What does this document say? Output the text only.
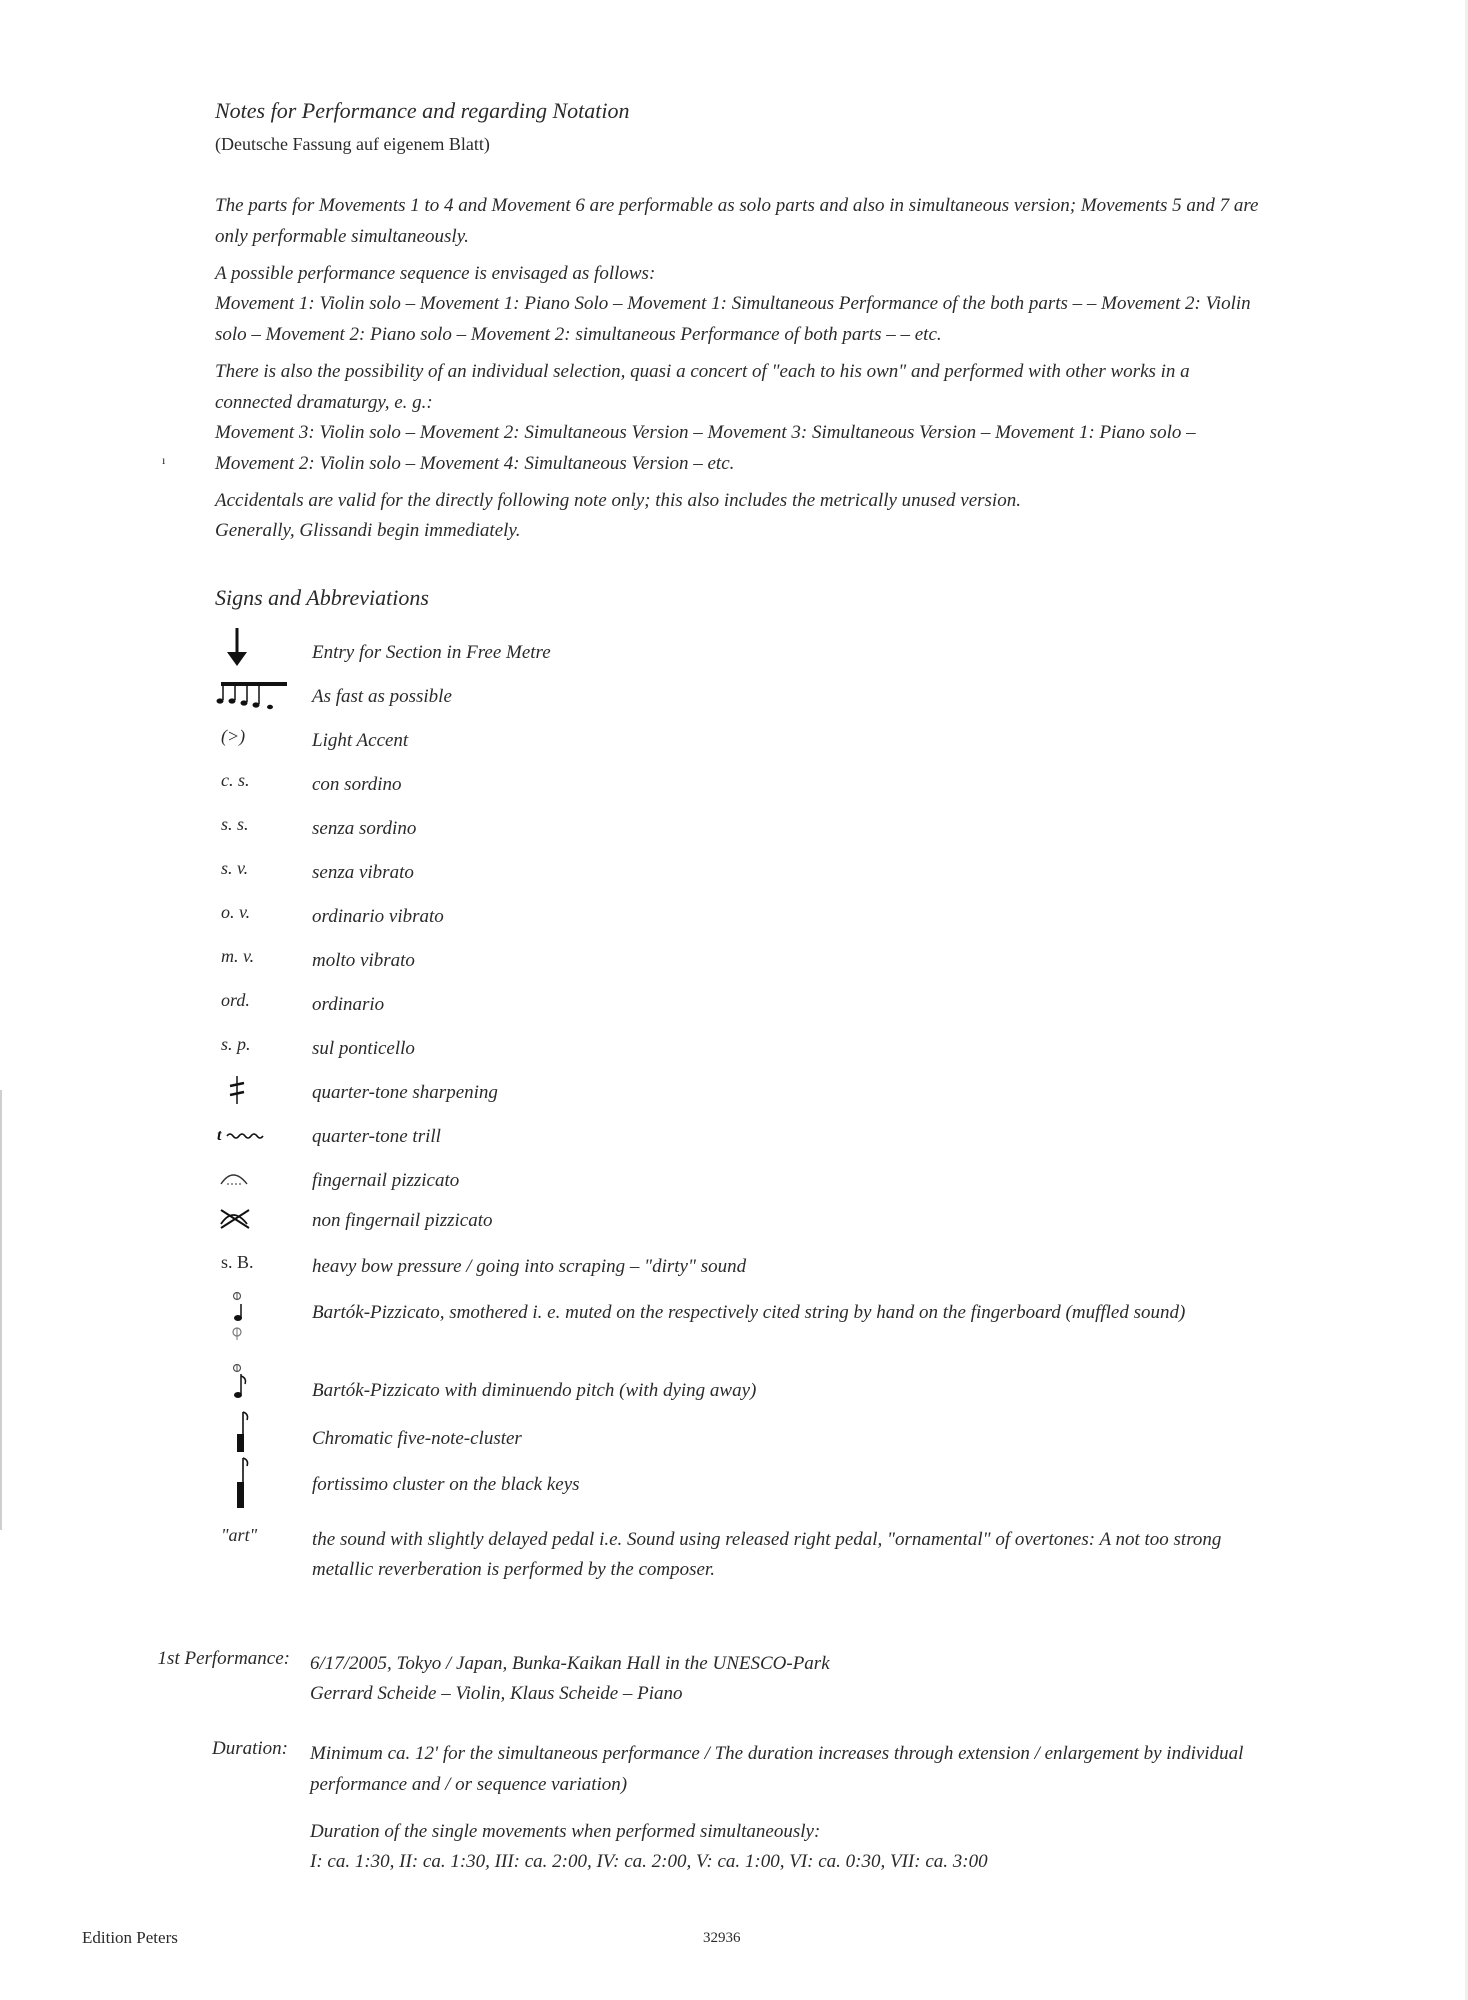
Notes for Performance and regarding Notation
(Deutsche Fassung auf eigenem Blatt)
The parts for Movements 1 to 4 and Movement 6 are performable as solo parts and also in simultaneous version; Movements 5 and 7 are only performable simultaneously.
A possible performance sequence is envisaged as follows:
Movement 1: Violin solo – Movement 1: Piano Solo – Movement 1: Simultaneous Performance of the both parts – – Movement 2: Violin solo – Movement 2: Piano solo – Movement 2: simultaneous Performance of both parts – – etc.
There is also the possibility of an individual selection, quasi a concert of "each to his own" and performed with other works in a connected dramaturgy, e. g.:
Movement 3: Violin solo – Movement 2: Simultaneous Version – Movement 3: Simultaneous Version – Movement 1: Piano solo – Movement 2: Violin solo – Movement 4: Simultaneous Version – etc.
ı
Accidentals are valid for the directly following note only; this also includes the metrically unused version.
Generally, Glissandi begin immediately.
Signs and Abbreviations
Entry for Section in Free Metre
As fast as possible
(>)	Light Accent
c. s.	con sordino
s. s.	senza sordino
s. v.	senza vibrato
o. v.	ordinario vibrato
m. v.	molto vibrato
ord.	ordinario
s. p.	sul ponticello
quarter-tone sharpening
t	quarter-tone trill
fingernail pizzicato
non fingernail pizzicato
s. B.	heavy bow pressure / going into scraping – "dirty" sound
Bartók-Pizzicato, smothered i. e. muted on the respectively cited string by hand on the fingerboard (muffled sound)
Bartók-Pizzicato with diminuendo pitch (with dying away)
Chromatic five-note-cluster
fortissimo cluster on the black keys
"art"	the sound with slightly delayed pedal i.e. Sound using released right pedal, "ornamental" of overtones: A not too strong metallic reverberation is performed by the composer.
1st Performance: 6/17/2005, Tokyo / Japan, Bunka-Kaikan Hall in the UNESCO-Park
Gerrard Scheide – Violin, Klaus Scheide – Piano
Duration: Minimum ca. 12' for the simultaneous performance / The duration increases through extension / enlargement by individual performance and / or sequence variation)
Duration of the single movements when performed simultaneously:
I: ca. 1:30, II: ca. 1:30, III: ca. 2:00, IV: ca. 2:00, V: ca. 1:00, VI: ca. 0:30, VII: ca. 3:00
Edition Peters	32936
